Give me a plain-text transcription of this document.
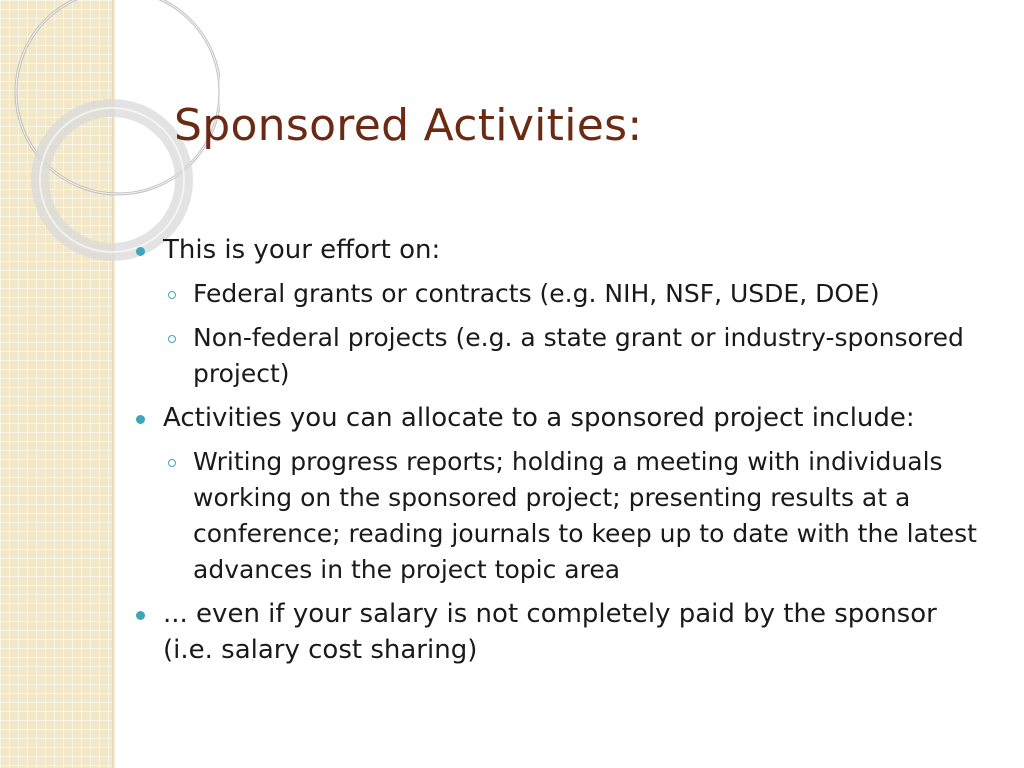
Sponsored Activities:
This is your effort on:
Federal grants or contracts (e.g. NIH, NSF, USDE, DOE)
Non-federal projects (e.g. a state grant or industry-sponsored project)
Activities you can allocate to a sponsored project include:
Writing progress reports; holding a meeting with individuals working on the sponsored project; presenting results at a conference; reading journals to keep up to date with the latest advances in the project topic area
... even if your salary is not completely paid by the sponsor (i.e. salary cost sharing)
